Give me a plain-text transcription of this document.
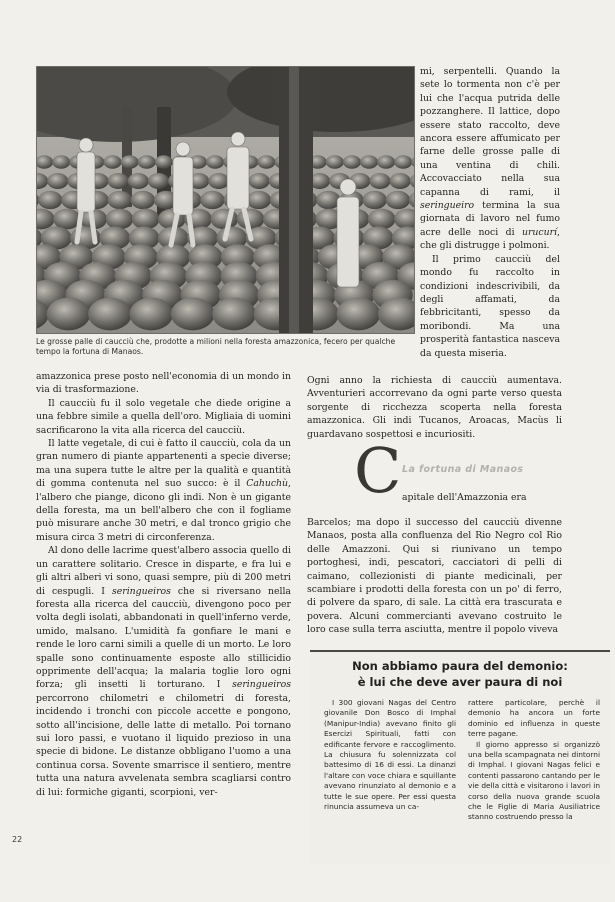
Le grosse palle di caucciù che, prodotte a milioni nella foresta amazzonica, fecero per qualche tempo la fortuna di Manaos.

mi, serpentelli. Quando la sete lo tormenta non c'è per lui che l'acqua putrida delle pozzanghere. Il lattice, dopo essere stato raccolto, deve ancora essere affumicato per farne delle grosse palle di una ventina di chili. Accovacciato nella sua capanna di rami, il seringueiro termina la sua giornata di lavoro nel fumo acre delle noci di urucurí, che gli distrugge i polmoni.

Il primo caucciù del mondo fu raccolto in condizioni indescrivibili, da degli affamati, da febbricitanti, spesso da moribondi. Ma una prosperità fantastica nasceva da questa miseria.

Ogni anno la richiesta di caucciù aumentava. Avventurieri accorrevano da ogni parte verso questa sorgente di ricchezza scoperta nella foresta amazzonica. Gli indi Tucanos, Aroacas, Macùs li guardavano sospettosi e incuriositi.

C La fortuna di Manaos
apitale dell'Amazzonia era

Barcelos; ma dopo il successo del caucciù divenne Manaos, posta alla confluenza del Rio Negro col Rio delle Amazzoni. Qui si riunivano un tempo portoghesi, indi, pescatori, cacciatori di pelli di caimano, collezionisti di piante medicinali, per scambiare i prodotti della foresta con un po' di ferro, di polvere da sparo, di sale. La città era trascurata e povera. Alcuni commercianti avevano costruito le loro case sulla terra asciutta, mentre il popolo viveva

amazzonica prese posto nell'economia di un mondo in via di trasformazione.

Il caucciù fu il solo vegetale che diede origine a una febbre simile a quella dell'oro. Migliaia di uomini sacrificarono la vita alla ricerca del caucciù.

Il latte vegetale, di cui è fatto il caucciù, cola da un gran numero di piante appartenenti a specie diverse; ma una supera tutte le altre per la qualità e quantità di gomma contenuta nel suo succo: è il Cahuchù, l'albero che piange, dicono gli indi. Non è un gigante della foresta, ma un bell'albero che con il fogliame può misurare anche 30 metri, e dal tronco grigio che misura circa 3 metri di circonferenza.

Al dono delle lacrime quest'albero associa quello di un carattere solitario. Cresce in disparte, e fra lui e gli altri alberi vi sono, quasi sempre, più di 200 metri di cespugli. I seringueiros che si riversano nella foresta alla ricerca del caucciù, divengono poco per volta degli isolati, abbandonati in quell'inferno verde, umido, malsano. L'umidità fa gonfiare le mani e rende le loro carni simili a quelle di un morto. Le loro spalle sono continuamente esposte allo stillicidio opprimente dell'acqua; la malaria toglie loro ogni forza; gli insetti li torturano. I seringueiros percorrono chilometri e chilometri di foresta, incidendo i tronchi con piccole accette e pongono, sotto all'incisione, delle latte di metallo. Poi tornano sui loro passi, e vuotano il liquido prezioso in una specie di bidone. Le distanze obbligano l'uomo a una continua corsa. Sovente smarrisce il sentiero, mentre tutta una natura avvelenata sembra scagliarsi contro di lui: formiche giganti, scorpioni, ver-

Non abbiamo paura del demonio:
è lui che deve aver paura di noi

I 300 giovani Nagas del Centro giovanile Don Bosco di Imphal (Manipur-India) avevano finito gli Esercizi Spirituali, fatti con edificante fervore e raccoglimento. La chiusura fu solennizzata col battesimo di 16 di essi. La dinanzi l'altare con voce chiara e squillante avevano rinunziato al demonio e a tutte le sue opere. Per essi questa rinuncia assumeva un ca-

rattere particolare, perchè il demonio ha ancora un forte dominio ed influenza in queste terre pagane.

Il giorno appresso si organizzò una bella scampagnata nei dintorni di Imphal. I giovani Nagas felici e contenti passarono cantando per le vie della città e visitarono i lavori in corso della nuova grande scuola che le Figlie di Maria Ausiliatrice stanno costruendo presso la

22
